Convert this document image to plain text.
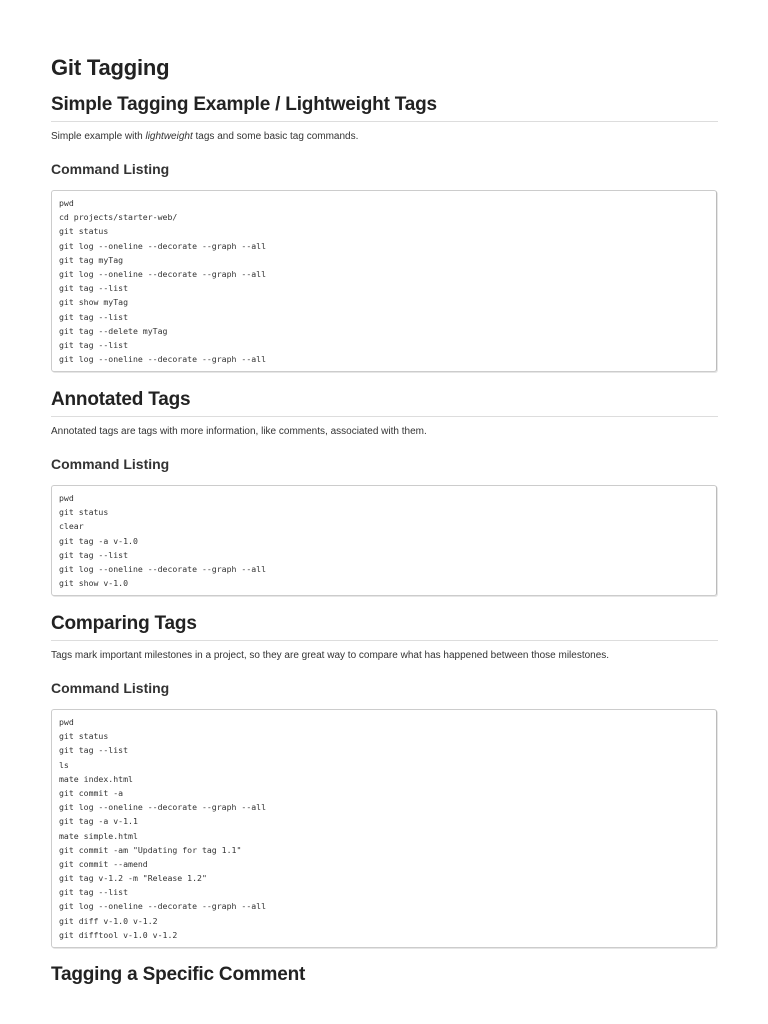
Git Tagging
Simple Tagging Example / Lightweight Tags

Simple example with lightweight tags and some basic tag commands.

Command Listing
pwd
cd projects/starter-web/
git status
git log --oneline --decorate --graph --all
git tag myTag
git log --oneline --decorate --graph --all
git tag --list
git show myTag
git tag --list
git tag --delete myTag
git tag --list
git log --oneline --decorate --graph --all
Annotated Tags

Annotated tags are tags with more information, like comments, associated with them.

Command Listing
pwd
git status
clear
git tag -a v-1.0
git tag --list
git log --oneline --decorate --graph --all
git show v-1.0
Comparing Tags

Tags mark important milestones in a project, so they are great way to compare what has happened between those milestones.

Command Listing
pwd
git status
git tag --list
ls
mate index.html
git commit -a
git log --oneline --decorate --graph --all
git tag -a v-1.1
mate simple.html
git commit -am "Updating for tag 1.1"
git commit --amend
git tag v-1.2 -m "Release 1.2"
git tag --list
git log --oneline --decorate --graph --all
git diff v-1.0 v-1.2
git difftool v-1.0 v-1.2
Tagging a Specific Comment
